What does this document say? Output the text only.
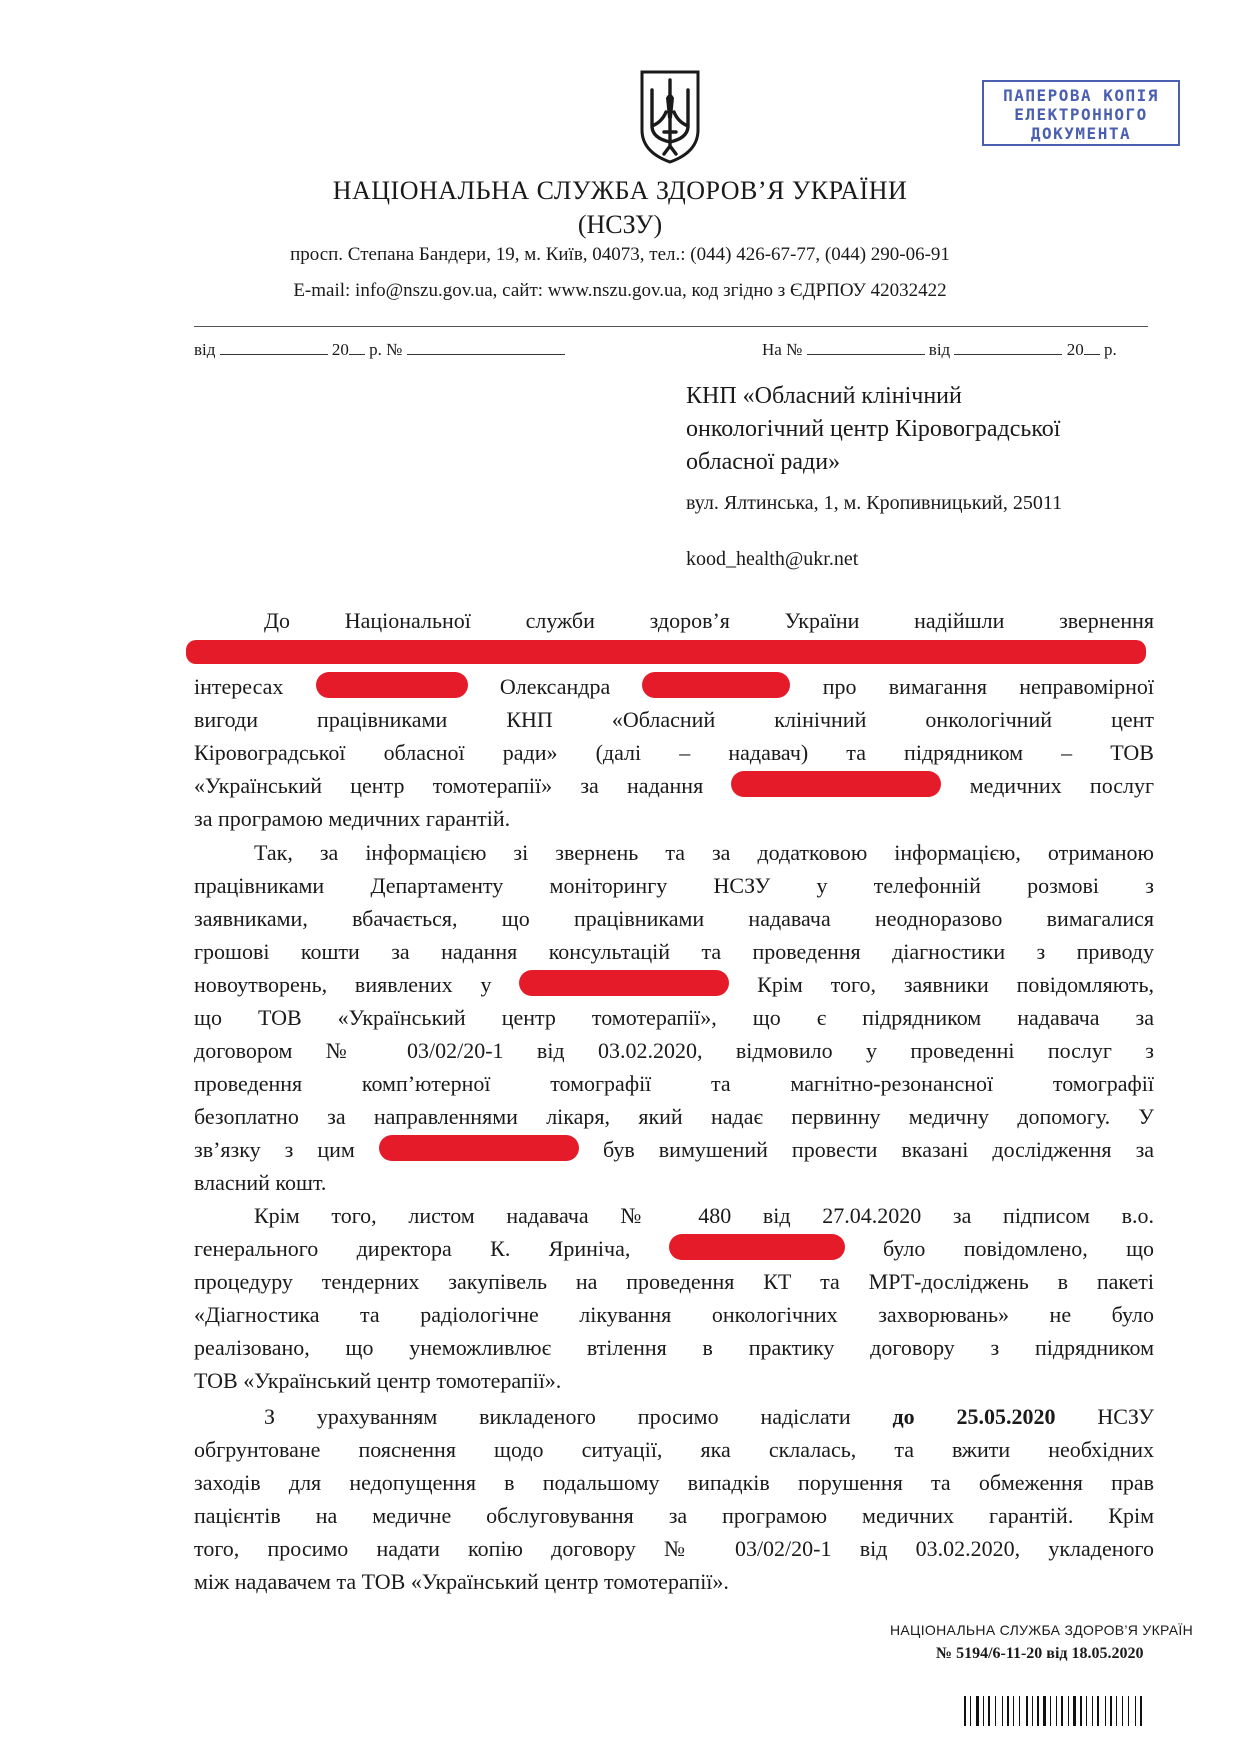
ПАПЕРОВА КОПІЯ
ЕЛЕКТРОННОГО
ДОКУМЕНТА
НАЦІОНАЛЬНА СЛУЖБА ЗДОРОВ’Я УКРАЇНИ
(НСЗУ)
просп. Степана Бандери, 19, м. Київ, 04073, тел.: (044) 426-67-77, (044) 290-06-91
E-mail: info@nszu.gov.ua, сайт: www.nszu.gov.ua, код згідно з ЄДРПОУ 42032422
від	20 р. №	На №	від	20 р.
КНП «Обласний клінічний
онкологічний центр Кіровоградської
обласної ради»
вул. Ялтинська, 1, м. Кропивницький, 25011
kood_health@ukr.net
До Національної служби здоров’я України надійшли звернення
інтересах	Олександра	про вимагання неправомірної
вигоди працівниками КНП «Обласний клінічний онкологічний цент
Кіровоградської обласної ради» (далі – надавач) та підрядником – ТОВ
«Український центр томотерапії» за надання	медичних послуг
за програмою медичних гарантій.
Так, за інформацією зі звернень та за додатковою інформацією, отриманою
працівниками Департаменту моніторингу НСЗУ у телефонній розмові з
заявниками, вбачається, що працівниками надавача неодноразово вимагалися
грошові кошти за надання консультацій та проведення діагностики з приводу
новоутворень, виявлених у	Крім того, заявники повідомляють,
що ТОВ «Український центр томотерапії», що є підрядником надавача за
договором № 03/02/20-1 від 03.02.2020, відмовило у проведенні послуг з
проведення комп’ютерної томографії та магнітно-резонансної томографії
безоплатно за направленнями лікаря, який надає первинну медичну допомогу. У
зв’язку з цим	був вимушений провести вказані дослідження за
власний кошт.
Крім того, листом надавача № 480 від 27.04.2020 за підписом в.о.
генерального директора К. Яриніча,	було повідомлено, що
процедуру тендерних закупівель на проведення КТ та МРТ-досліджень в пакеті
«Діагностика та радіологічне лікування онкологічних захворювань» не було
реалізовано, що унеможливлює втілення в практику договору з підрядником
ТОВ «Український центр томотерапії».
З урахуванням викладеного просимо надіслати до 25.05.2020 НСЗУ
обгрунтоване пояснення щодо ситуації, яка склалась, та вжити необхідних
заходів для недопущення в подальшому випадків порушення та обмеження прав
пацієнтів на медичне обслуговування за програмою медичних гарантій. Крім
того, просимо надати копію договору № 03/02/20-1 від 03.02.2020, укладеного
між надавачем та ТОВ «Український центр томотерапії».
НАЦІОНАЛЬНА СЛУЖБА ЗДОРОВ’Я УКРАЇН
№ 5194/6-11-20 від 18.05.2020
